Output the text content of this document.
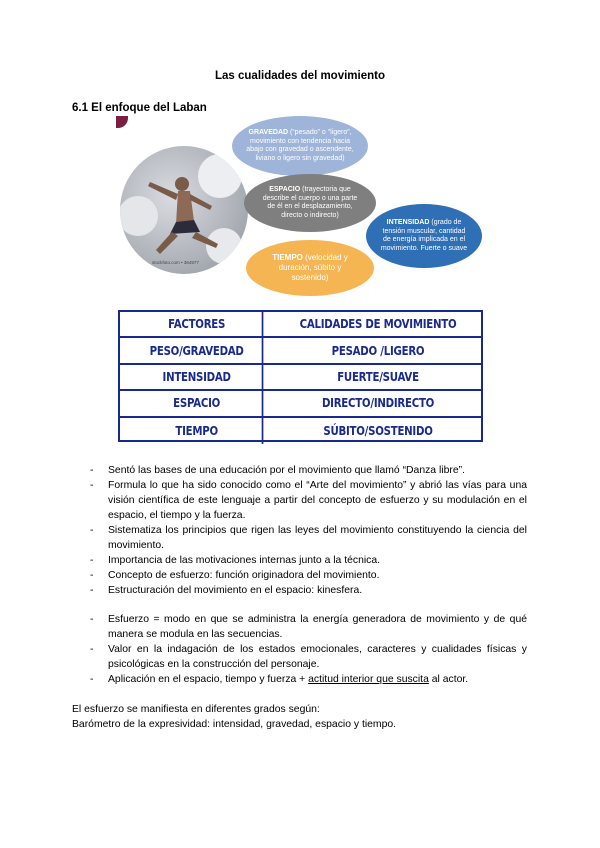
Las cualidades del movimiento
6.1 El enfoque del Laban
stockfoto.com • 364977
GRAVEDAD (“pesado” o “ligero”, movimiento con tendencia hacia abajo con gravedad o ascendente, liviano o ligero sin gravedad)
ESPACIO (trayectoria que describe el cuerpo o una parte de él en el desplazamiento, directo o indirecto)
INTENSIDAD (grado de tensión muscular, cantidad de energía implicada en el movimiento. Fuerte o suave
TIEMPO (velocidad y duración, súbito y sostenido)
FACTORES	CALIDADES DE MOVIMIENTO
PESO/GRAVEDAD	PESADO /LIGERO
INTENSIDAD	FUERTE/SUAVE
ESPACIO	DIRECTO/INDIRECTO
TIEMPO	SÚBITO/SOSTENIDO
- Sentó las bases de una educación por el movimiento que llamó “Danza libre”.
- Formula lo que ha sido conocido como el “Arte del movimiento” y abrió las vías para una visión científica de este lenguaje a partir del concepto de esfuerzo y su modulación en el espacio, el tiempo y la fuerza.
- Sistematiza los principios que rigen las leyes del movimiento constituyendo la ciencia del movimiento.
- Importancia de las motivaciones internas junto a la técnica.
- Concepto de esfuerzo: función originadora del movimiento.
- Estructuración del movimiento en el espacio: kinesfera.
- Esfuerzo = modo en que se administra la energía generadora de movimiento y de qué manera se modula en las secuencias.
- Valor en la indagación de los estados emocionales, caracteres y cualidades físicas y psicológicas en la construcción del personaje.
- Aplicación en el espacio, tiempo y fuerza + actitud interior que suscita al actor.
El esfuerzo se manifiesta en diferentes grados según:
Barómetro de la expresividad: intensidad, gravedad, espacio y tiempo.
